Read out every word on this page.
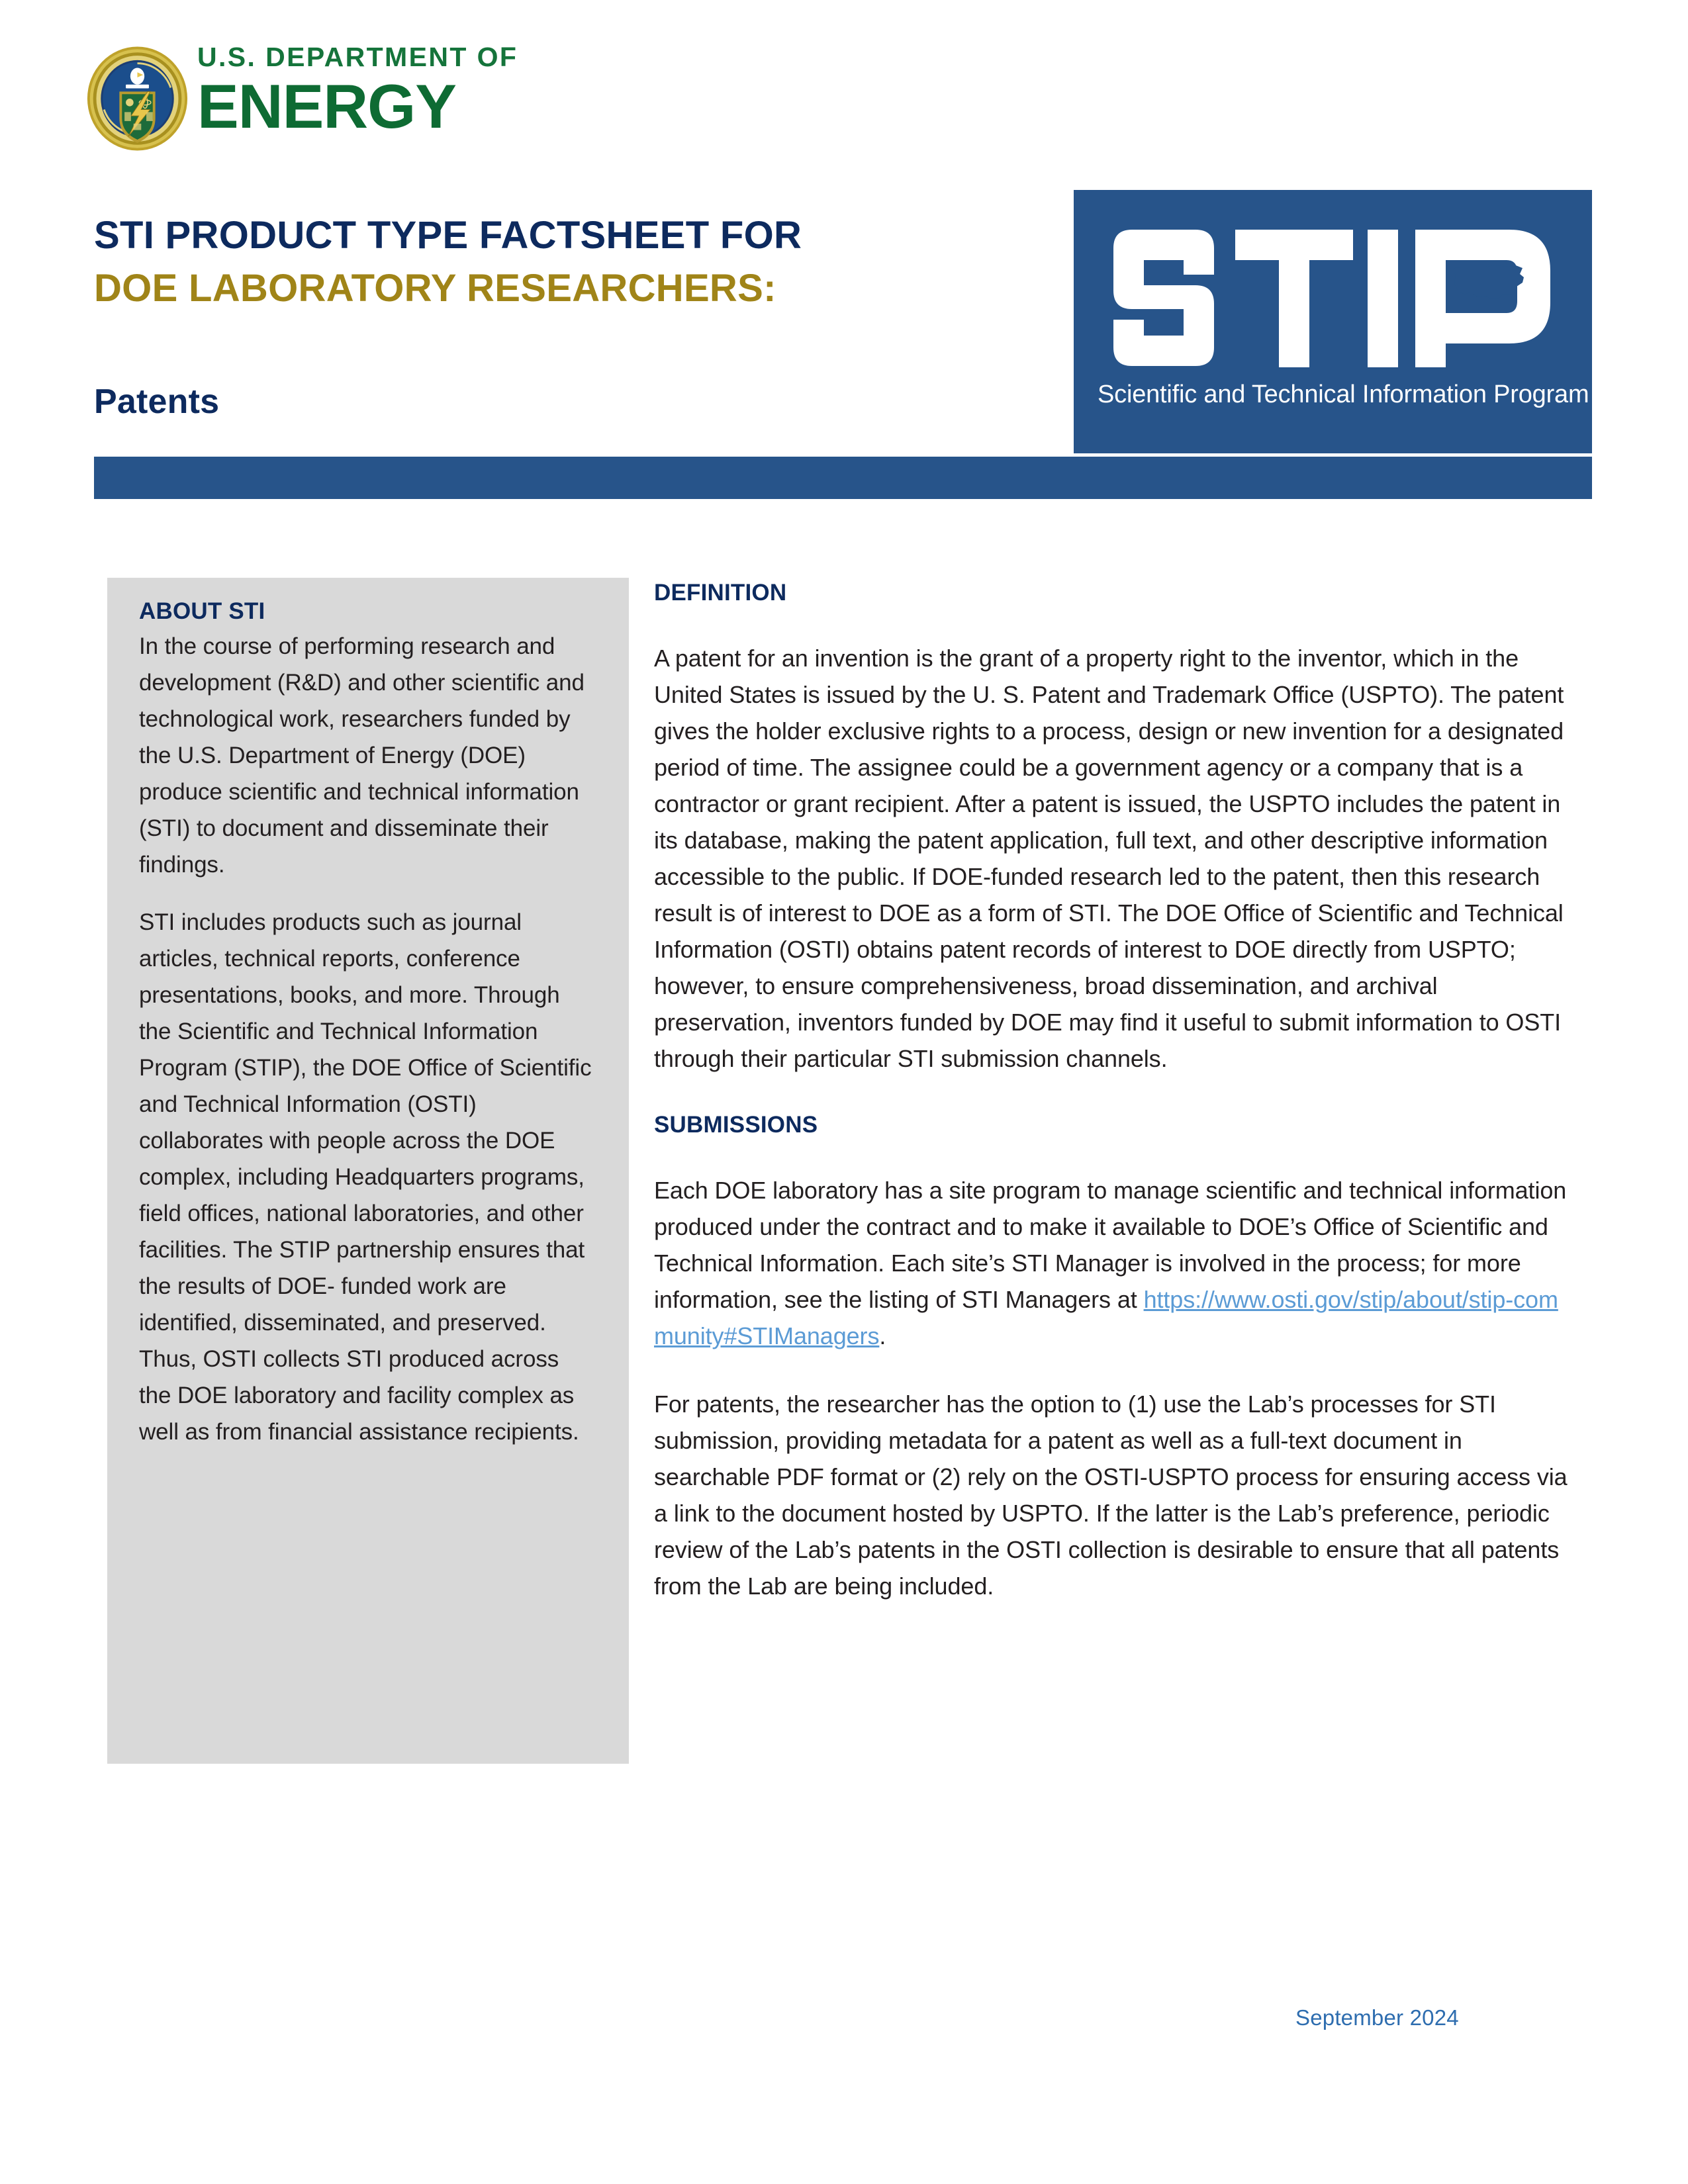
U.S. DEPARTMENT OF
ENERGY
STI PRODUCT TYPE FACTSHEET FOR
DOE LABORATORY RESEARCHERS:
Patents	Scientific and Technical Information Program
ABOUT STI

In the course of performing research and development (R&D) and other scientific and technological work, researchers funded by the U.S. Department of Energy (DOE) produce scientific and technical information (STI) to document and disseminate their findings.

STI includes products such as journal articles, technical reports, conference presentations, books, and more. Through the Scientific and Technical Information Program (STIP), the DOE Office of Scientific and Technical Information (OSTI) collaborates with people across the DOE complex, including Headquarters programs, field offices, national laboratories, and other facilities. The STIP partnership ensures that the results of DOE- funded work are identified, disseminated, and preserved. Thus, OSTI collects STI produced across the DOE laboratory and facility complex as well as from financial assistance recipients.

DEFINITION

A patent for an invention is the grant of a property right to the inventor, which in the United States is issued by the U. S. Patent and Trademark Office (USPTO). The patent gives the holder exclusive rights to a process, design or new invention for a designated period of time. The assignee could be a government agency or a company that is a contractor or grant recipient. After a patent is issued, the USPTO includes the patent in its database, making the patent application, full text, and other descriptive information accessible to the public. If DOE-funded research led to the patent, then this research result is of interest to DOE as a form of STI. The DOE Office of Scientific and Technical Information (OSTI) obtains patent records of interest to DOE directly from USPTO; however, to ensure comprehensiveness, broad dissemination, and archival preservation, inventors funded by DOE may find it useful to submit information to OSTI through their particular STI submission channels.

SUBMISSIONS

Each DOE laboratory has a site program to manage scientific and technical information produced under the contract and to make it available to DOE’s Office of Scientific and Technical Information. Each site’s STI Manager is involved in the process; for more information, see the listing of STI Managers at https://www.osti.gov/stip/about/stip-community#STIManagers.

For patents, the researcher has the option to (1) use the Lab’s processes for STI submission, providing metadata for a patent as well as a full-text document in searchable PDF format or (2) rely on the OSTI-USPTO process for ensuring access via a link to the document hosted by USPTO. If the latter is the Lab’s preference, periodic review of the Lab’s patents in the OSTI collection is desirable to ensure that all patents from the Lab are being included.

September 2024
